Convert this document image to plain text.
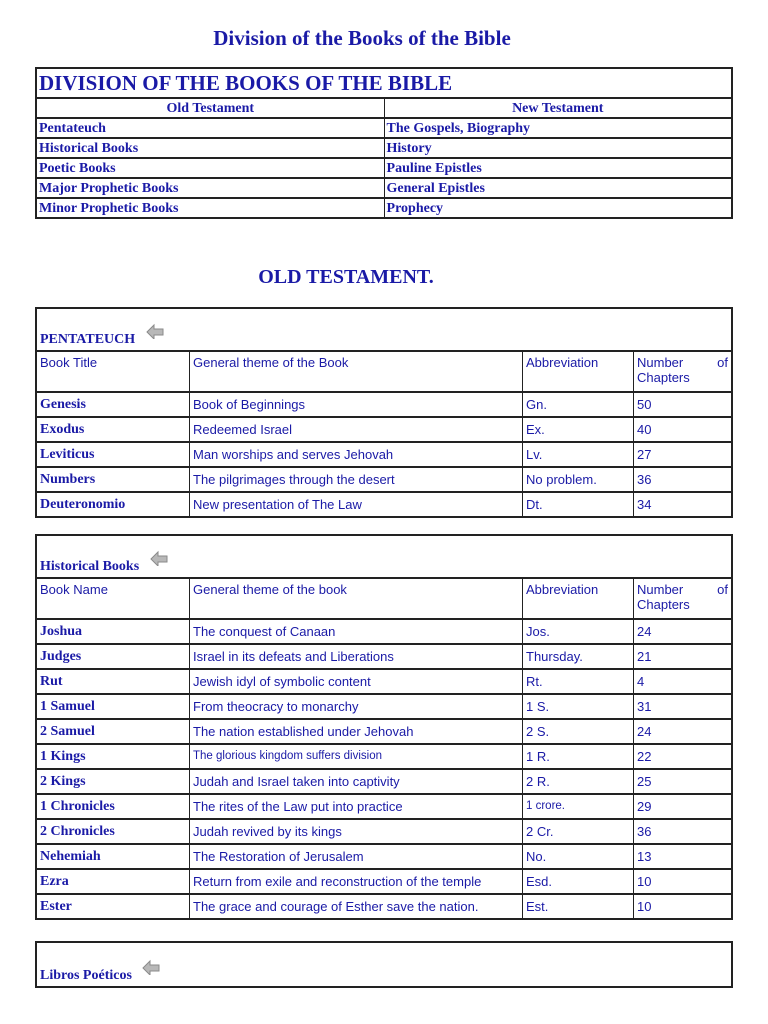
Division of the Books of the Bible
DIVISION OF THE BOOKS OF THE BIBLE	
Old Testament	New Testament
Pentateuch	The Gospels, Biography
Historical Books	History
Poetic Books	Pauline Epistles
Major Prophetic Books	General Epistles
Minor Prophetic Books	Prophecy
OLD TESTAMENT.
PENTATEUCH			
Book Title	General theme of the Book	Abbreviation	Number of
Chapters

Genesis	Book of Beginnings	Gn.	50
Exodus	Redeemed Israel	Ex.	40
Leviticus	Man worships and serves Jehovah	Lv.	27
Numbers	The pilgrimages through the desert	No problem.	36
Deuteronomio	New presentation of The Law	Dt.	34
Historical Books			
Book Name	General theme of the book	Abbreviation	Number of
Chapters

Joshua	The conquest of Canaan	Jos.	24
Judges	Israel in its defeats and Liberations	Thursday.	21
Rut	Jewish idyl of symbolic content	Rt.	4
1 Samuel	From theocracy to monarchy	1 S.	31
2 Samuel	The nation established under Jehovah	2 S.	24
1 Kings	The glorious kingdom suffers division	1 R.	22
2 Kings	Judah and Israel taken into captivity	2 R.	25
1 Chronicles	The rites of the Law put into practice	1 crore.	29
2 Chronicles	Judah revived by its kings	2 Cr.	36
Nehemiah	The Restoration of Jerusalem	No.	13
Ezra	Return from exile and reconstruction of the temple	Esd.	10
Ester	The grace and courage of Esther save the nation.	Est.	10
Libros Poéticos
